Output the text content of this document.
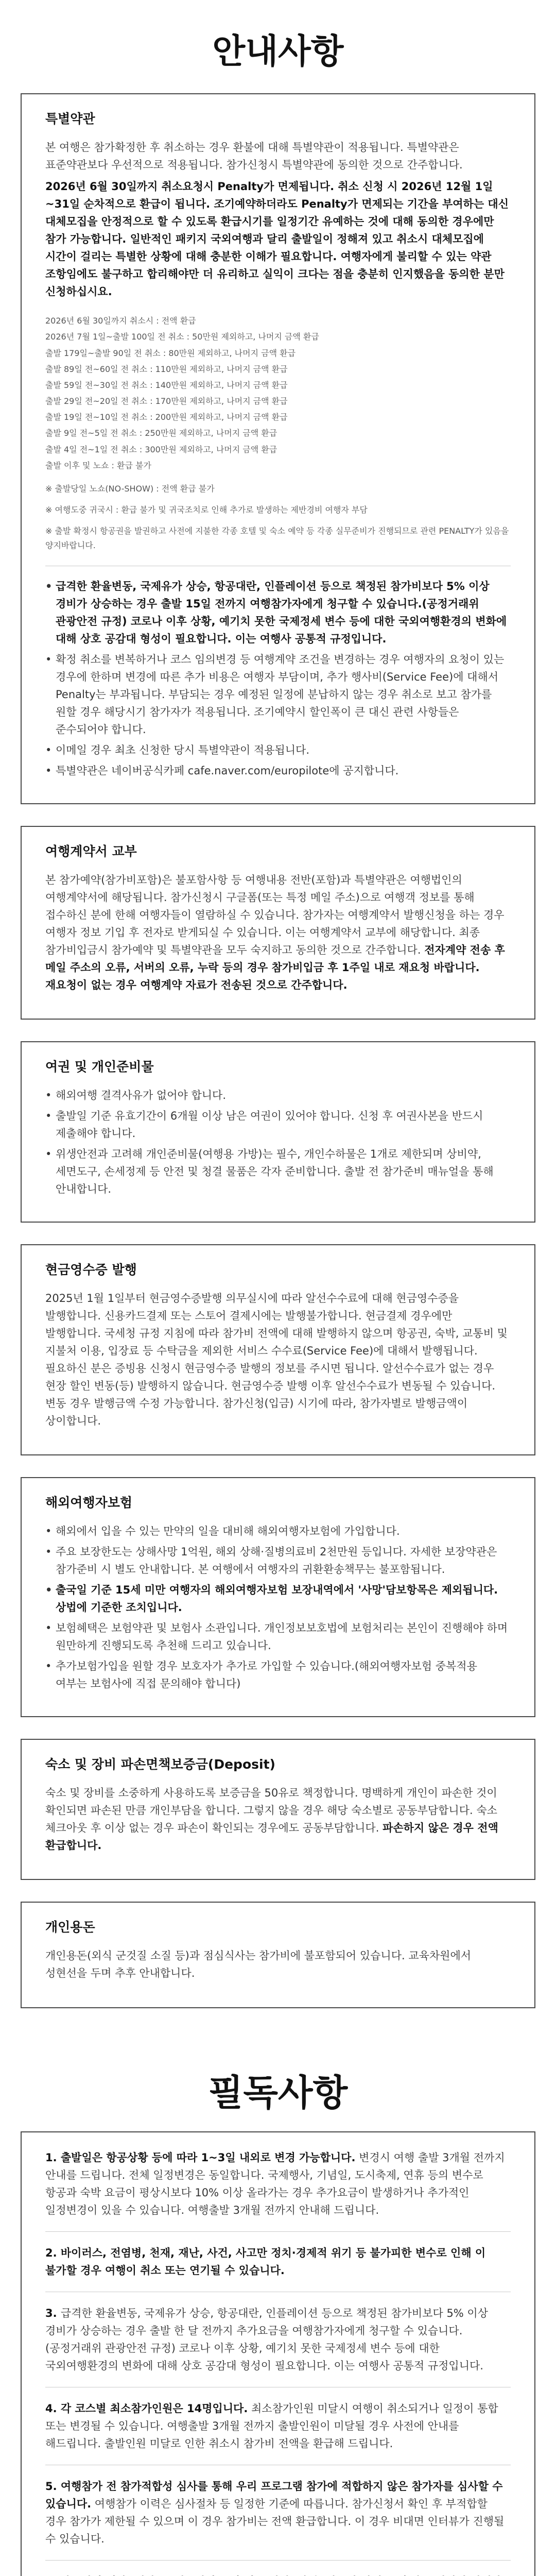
안내사항
특별약관

본 여행은 참가확정한 후 취소하는 경우 환불에 대해 특별약관이 적용됩니다. 특별약관은 표준약관보다 우선적으로 적용됩니다. 참가신청시 특별약관에 동의한 것으로 간주합니다.

2026년 6월 30일까지 취소요청시 Penalty가 면제됩니다. 취소 신청 시 2026년 12월 1일~31일 순차적으로 환급이 됩니다. 조기예약하더라도 Penalty가 면제되는 기간을 부여하는 대신 대체모집을 안정적으로 할 수 있도록 환급시기를 일정기간 유예하는 것에 대해 동의한 경우에만 참가 가능합니다. 일반적인 패키지 국외여행과 달리 출발일이 정해져 있고 취소시 대체모집에 시간이 걸리는 특별한 상황에 대해 충분한 이해가 필요합니다. 여행자에게 불리할 수 있는 약관 조항임에도 불구하고 합리해야만 더 유리하고 실익이 크다는 점을 충분히 인지했음을 동의한 분만 신청하십시요.

2026년 6월 30일까지 취소시 : 전액 환급
2026년 7월 1일~출발 100일 전 취소 : 50만원 제외하고, 나머지 금액 환급
출발 179일~출발 90일 전 취소 : 80만원 제외하고, 나머지 금액 환급
출발 89일 전~60일 전 취소 : 110만원 제외하고, 나머지 금액 환급
출발 59일 전~30일 전 취소 : 140만원 제외하고, 나머지 금액 환급
출발 29일 전~20일 전 취소 : 170만원 제외하고, 나머지 금액 환급
출발 19일 전~10일 전 취소 : 200만원 제외하고, 나머지 금액 환급
출발 9일 전~5일 전 취소 : 250만원 제외하고, 나머지 금액 환급
출발 4일 전~1일 전 취소 : 300만원 제외하고, 나머지 금액 환급
출발 이후 및 노쇼 : 환급 불가

※ 출발당일 노쇼(NO-SHOW) : 전액 환급 불가

※ 여행도중 귀국시 : 환급 불가 및 귀국조치로 인해 추가로 발생하는 제반경비 여행자 부담

※ 출발 확정시 항공권을 발권하고 사전에 지불한 각종 호텔 및 숙소 예약 등 각종 실무준비가 진행되므로 관련 PENALTY가 있음을 양지바랍니다.

• 급격한 환율변동, 국제유가 상승, 항공대란, 인플레이션 등으로 책정된 참가비보다 5% 이상 경비가 상승하는 경우 출발 15일 전까지 여행참가자에게 청구할 수 있습니다.(공정거래위 관광안전 규정) 코로나 이후 상황, 예기치 못한 국제정세 변수 등에 대한 국외여행환경의 변화에 대해 상호 공감대 형성이 필요합니다. 이는 여행사 공통적 규정입니다.
• 확정 취소를 변복하거나 코스 임의변경 등 여행계약 조건을 변경하는 경우 여행자의 요청이 있는 경우에 한하며 변경에 따른 추가 비용은 여행자 부담이며, 추가 행사비(Service Fee)에 대해서 Penalty는 부과됩니다. 부담되는 경우 예정된 일정에 분납하지 않는 경우 취소로 보고 참가를 원할 경우 해당시기 참가자가 적용됩니다. 조기예약시 할인폭이 큰 대신 관련 사항들은 준수되어야 합니다.
• 이메일 경우 최초 신청한 당시 특별약관이 적용됩니다.
• 특별약관은 네이버공식카페 cafe.naver.com/europilote에 공지합니다.
여행계약서 교부

본 참가예약(참가비포함)은 불포함사항 등 여행내용 전반(포함)과 특별약관은 여행법인의 여행계약서에 해당됩니다. 참가신청시 구글폼(또는 특정 메일 주소)으로 여행객 정보를 통해 접수하신 분에 한해 여행자들이 열람하실 수 있습니다. 참가자는 여행계약서 발행신청을 하는 경우 여행자 정보 기입 후 전자로 받게되실 수 있습니다. 이는 여행계약서 교부에 해당합니다. 최종 참가비입금시 참가예약 및 특별약관을 모두 숙지하고 동의한 것으로 간주합니다. 전자계약 전송 후 메일 주소의 오류, 서버의 오류, 누락 등의 경우 참가비입금 후 1주일 내로 재요청 바랍니다. 재요청이 없는 경우 여행계약 자료가 전송된 것으로 간주합니다.

여권 및 개인준비물
• 해외여행 결격사유가 없어야 합니다.
• 출발일 기준 유효기간이 6개월 이상 남은 여권이 있어야 합니다. 신청 후 여권사본을 반드시 제출해야 합니다.
• 위생안전과 고려해 개인준비물(여행용 가방)는 필수, 개인수하물은 1개로 제한되며 상비약, 세면도구, 손세정제 등 안전 및 청결 물품은 각자 준비합니다. 출발 전 참가준비 매뉴얼을 통해 안내합니다.
현금영수증 발행

2025년 1월 1일부터 현금영수증발행 의무실시에 따라 알선수수료에 대해 현금영수증을 발행합니다. 신용카드결제 또는 스토어 결제시에는 발행불가합니다. 현금결제 경우에만 발행합니다. 국세청 규정 지침에 따라 참가비 전액에 대해 발행하지 않으며 항공권, 숙박, 교통비 및 지불처 이용, 입장료 등 수탁금을 제외한 서비스 수수료(Service Fee)에 대해서 발행됩니다. 필요하신 분은 증빙용 신청시 현금영수증 발행의 정보를 주시면 됩니다. 알선수수료가 없는 경우 현장 할인 변동(등) 발행하지 않습니다. 현금영수증 발행 이후 알선수수료가 변동될 수 있습니다. 변동 경우 발행금액 수정 가능합니다. 참가신청(입금) 시기에 따라, 참가자별로 발행금액이 상이합니다.

해외여행자보험
• 해외에서 입을 수 있는 만약의 일을 대비해 해외여행자보험에 가입합니다.
• 주요 보장한도는 상해사망 1억원, 해외 상해·질병의료비 2천만원 등입니다. 자세한 보장약관은 참가준비 시 별도 안내합니다. 본 여행에서 여행자의 귀환환송책무는 불포함됩니다.
• 출국일 기준 15세 미만 여행자의 해외여행자보험 보장내역에서 '사망'담보항목은 제외됩니다. 상법에 기준한 조치입니다.
• 보험혜택은 보험약관 및 보험사 소관입니다. 개인정보보호법에 보험처리는 본인이 진행해야 하며 원만하게 진행되도록 추천해 드리고 있습니다.
• 추가보험가입을 원할 경우 보호자가 추가로 가입할 수 있습니다.(해외여행자보험 중복적용 여부는 보험사에 직접 문의해야 합니다)
숙소 및 장비 파손면책보증금(Deposit)

숙소 및 장비를 소중하게 사용하도록 보증금을 50유로 책정합니다. 명백하게 개인이 파손한 것이 확인되면 파손된 만큼 개인부담을 합니다. 그렇지 않을 경우 해당 숙소별로 공동부담합니다. 숙소 체크아웃 후 이상 없는 경우 파손이 확인되는 경우에도 공동부담합니다. 파손하지 않은 경우 전액 환급합니다.

개인용돈

개인용돈(외식 군것질 소질 등)과 점심식사는 참가비에 불포함되어 있습니다. 교육차원에서 성현선을 두며 추후 안내합니다.

필독사항

1. 출발일은 항공상황 등에 따라 1~3일 내외로 변경 가능합니다. 변경시 여행 출발 3개월 전까지 안내를 드립니다. 전체 일정변경은 동일합니다. 국제행사, 기념일, 도시축제, 연휴 등의 변수로 항공과 숙박 요금이 평상시보다 10% 이상 올라가는 경우 추가요금이 발생하거나 추가적인 일정변경이 있을 수 있습니다. 여행출발 3개월 전까지 안내해 드립니다.

2. 바이러스, 전염병, 천재, 재난, 사건, 사고만 정치·경제적 위기 등 불가피한 변수로 인해 이 불가할 경우 여행이 취소 또는 연기될 수 있습니다.

3. 급격한 환율변동, 국제유가 상승, 항공대란, 인플레이션 등으로 책정된 참가비보다 5% 이상 경비가 상승하는 경우 출발 한 달 전까지 추가요금을 여행참가자에게 청구할 수 있습니다. (공정거래위 관광안전 규정) 코로나 이후 상황, 예기치 못한 국제정세 변수 등에 대한 국외여행환경의 변화에 대해 상호 공감대 형성이 필요합니다. 이는 여행사 공통적 규정입니다.

4. 각 코스별 최소참가인원은 14명입니다. 최소참가인원 미달시 여행이 취소되거나 일정이 통합 또는 변경될 수 있습니다. 여행출발 3개월 전까지 출발인원이 미달될 경우 사전에 안내를 해드립니다. 출발인원 미달로 인한 취소시 참가비 전액을 환급해 드립니다.

5. 여행참가 전 참가적합성 심사를 통해 우리 프로그램 참가에 적합하지 않은 참가자를 심사할 수 있습니다. 여행참가 이력은 심사절차 등 일정한 기준에 따릅니다. 참가신청서 확인 후 부적합할 경우 참가가 제한될 수 있으며 이 경우 참가비는 전액 환급합니다. 이 경우 비대면 인터뷰가 진행될 수 있습니다.
